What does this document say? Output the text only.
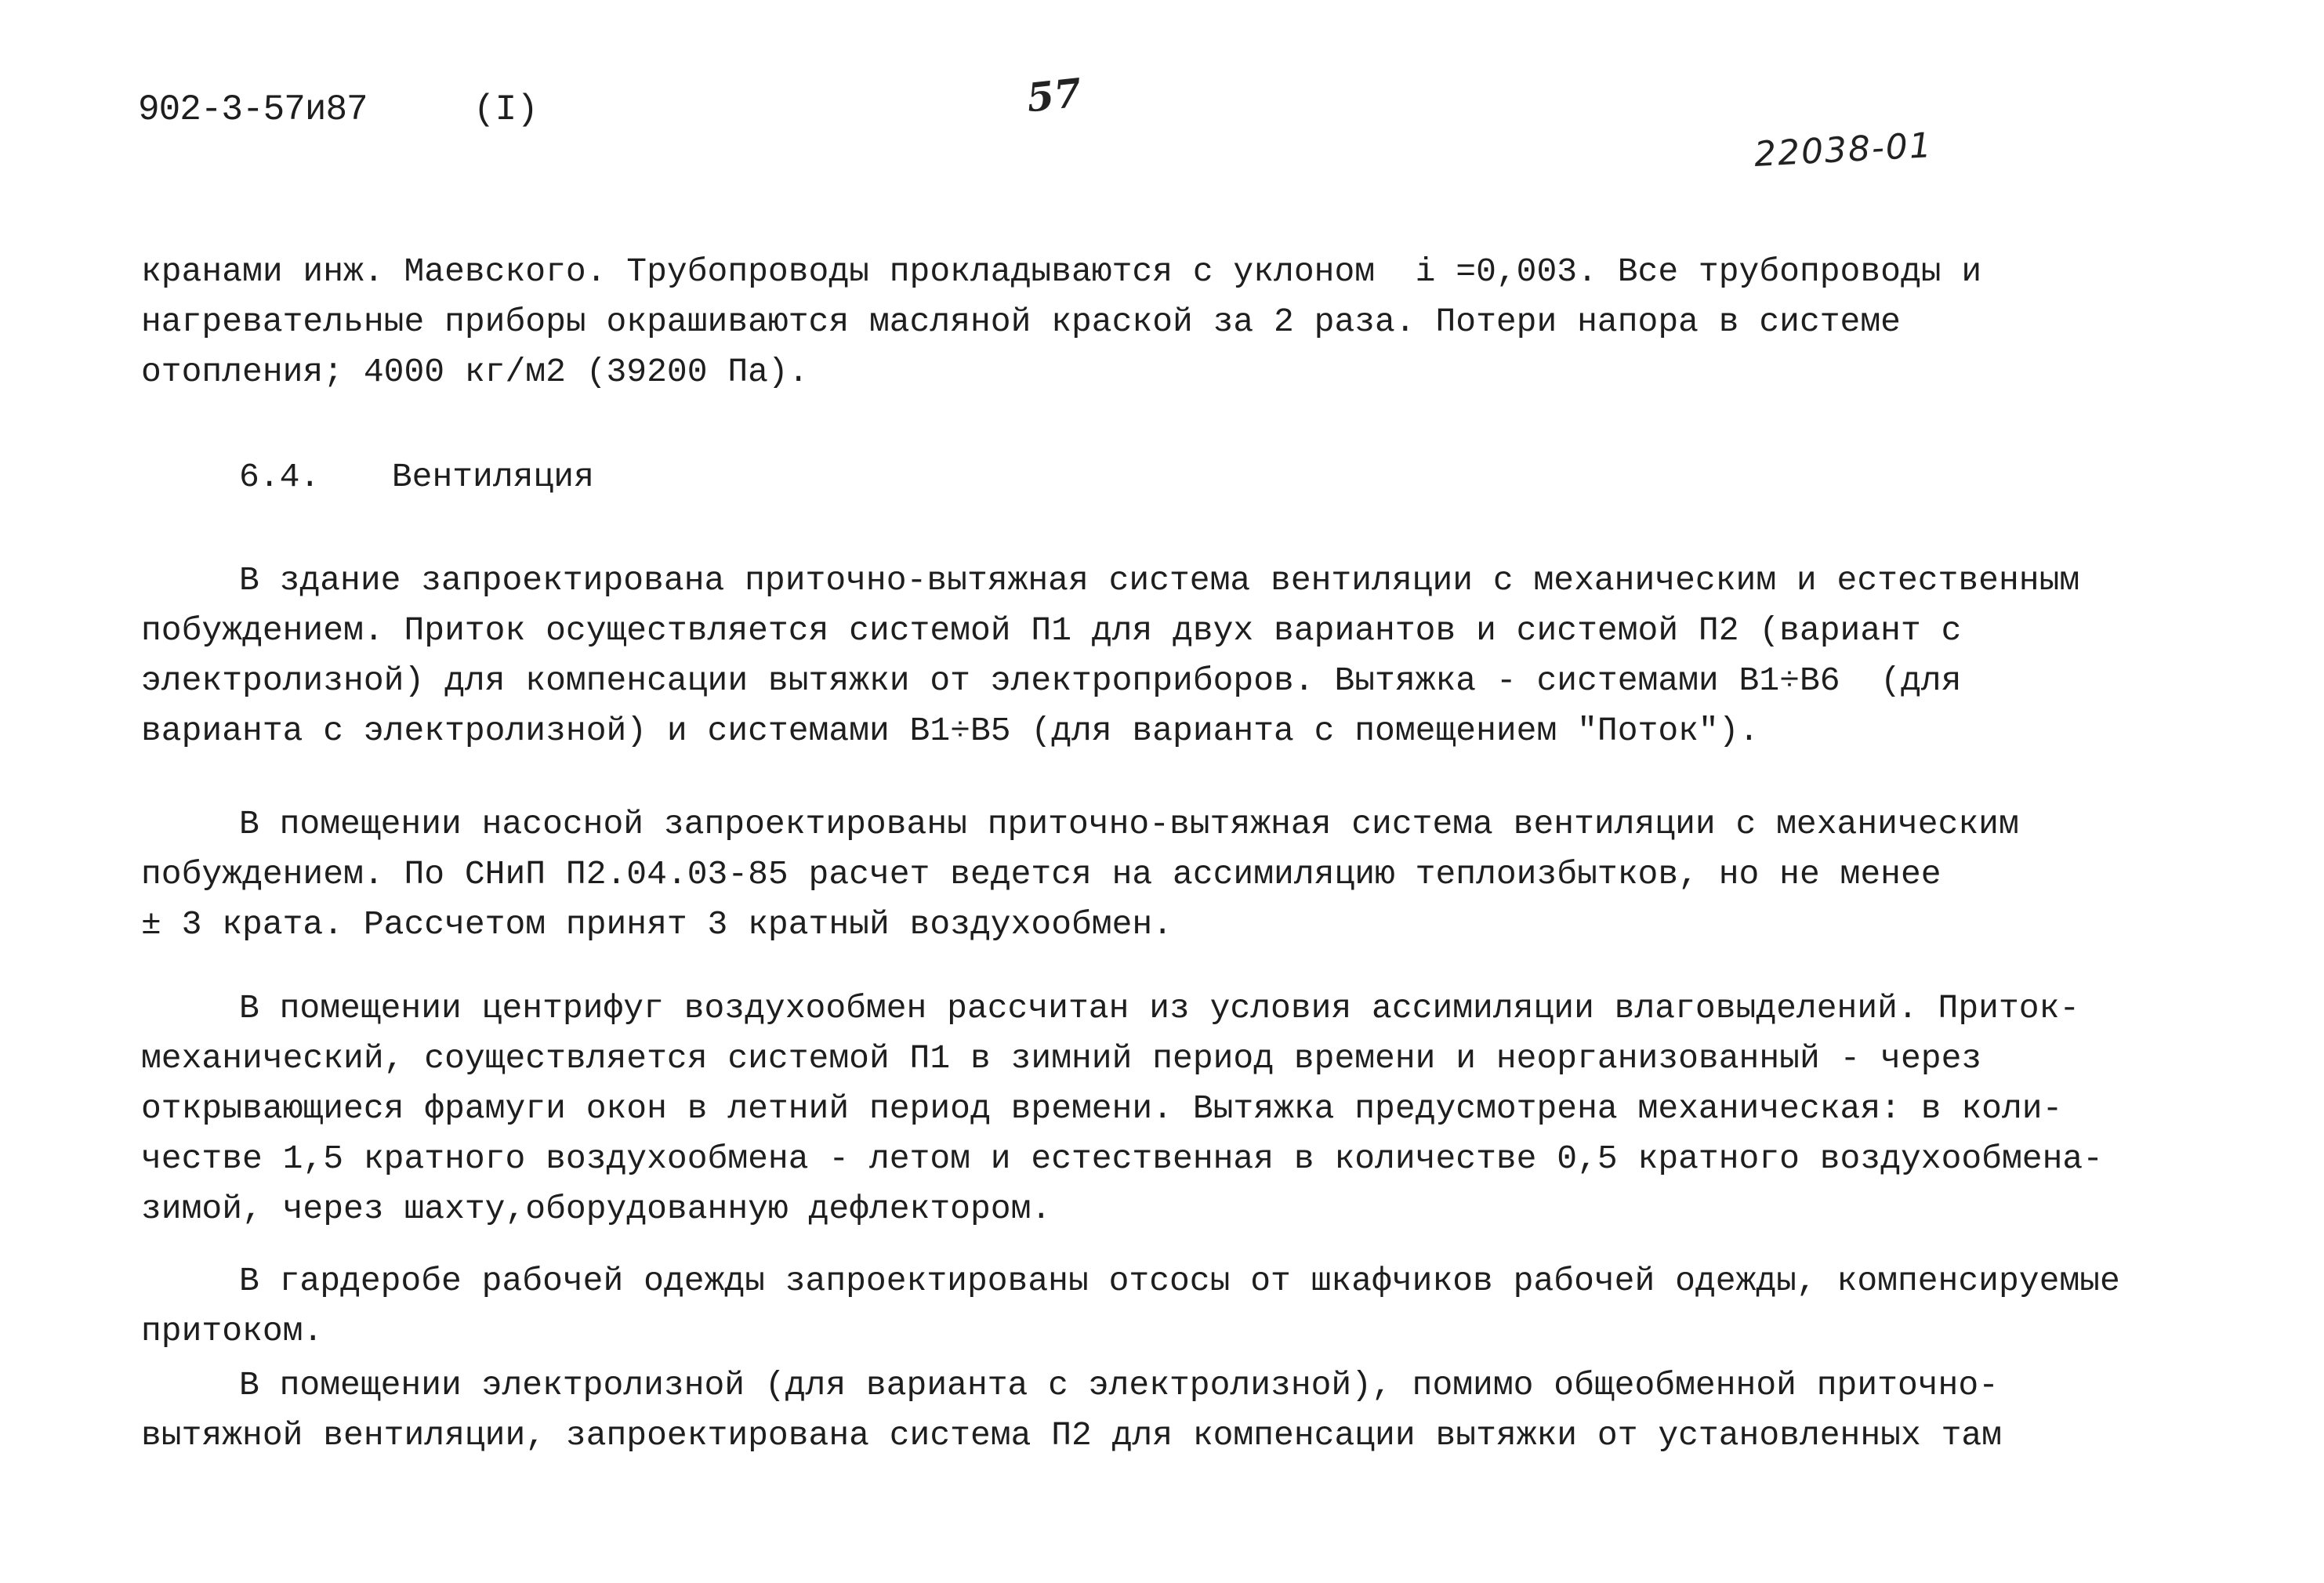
902-3-57и87	(I)	57
22038-01
кранами инж. Маевского. Трубопроводы прокладываются с уклоном  i =0,003. Все трубопроводы и
нагревательные приборы окрашиваются масляной краской за 2 раза. Потери напора в системе
отопления; 4000 кг/м2 (39200 Па).
6.4. Вентиляция
В здание запроектирована приточно-вытяжная система вентиляции с механическим и естественным
побуждением. Приток осуществляется системой П1 для двух вариантов и системой П2 (вариант с
электролизной) для компенсации вытяжки от электроприборов. Вытяжка - системами В1÷В6  (для
варианта с электролизной) и системами В1÷В5 (для варианта с помещением "Поток").
В помещении насосной запроектированы приточно-вытяжная система вентиляции с механическим
побуждением. По СНиП П2.04.03-85 расчет ведется на ассимиляцию теплоизбытков, но не менее
± 3 крата. Рассчетом принят 3 кратный воздухообмен.
В помещении центрифуг воздухообмен рассчитан из условия ассимиляции влаговыделений. Приток-
механический, соуществляется системой П1 в зимний период времени и неорганизованный - через
открывающиеся фрамуги окон в летний период времени. Вытяжка предусмотрена механическая: в коли-
честве 1,5 кратного воздухообмена - летом и естественная в количестве 0,5 кратного воздухообмена-
зимой, через шахту,оборудованную дефлектором.
В гардеробе рабочей одежды запроектированы отсосы от шкафчиков рабочей одежды, компенсируемые
притоком.
В помещении электролизной (для варианта с электролизной), помимо общеобменной приточно-
вытяжной вентиляции, запроектирована система П2 для компенсации вытяжки от установленных там
